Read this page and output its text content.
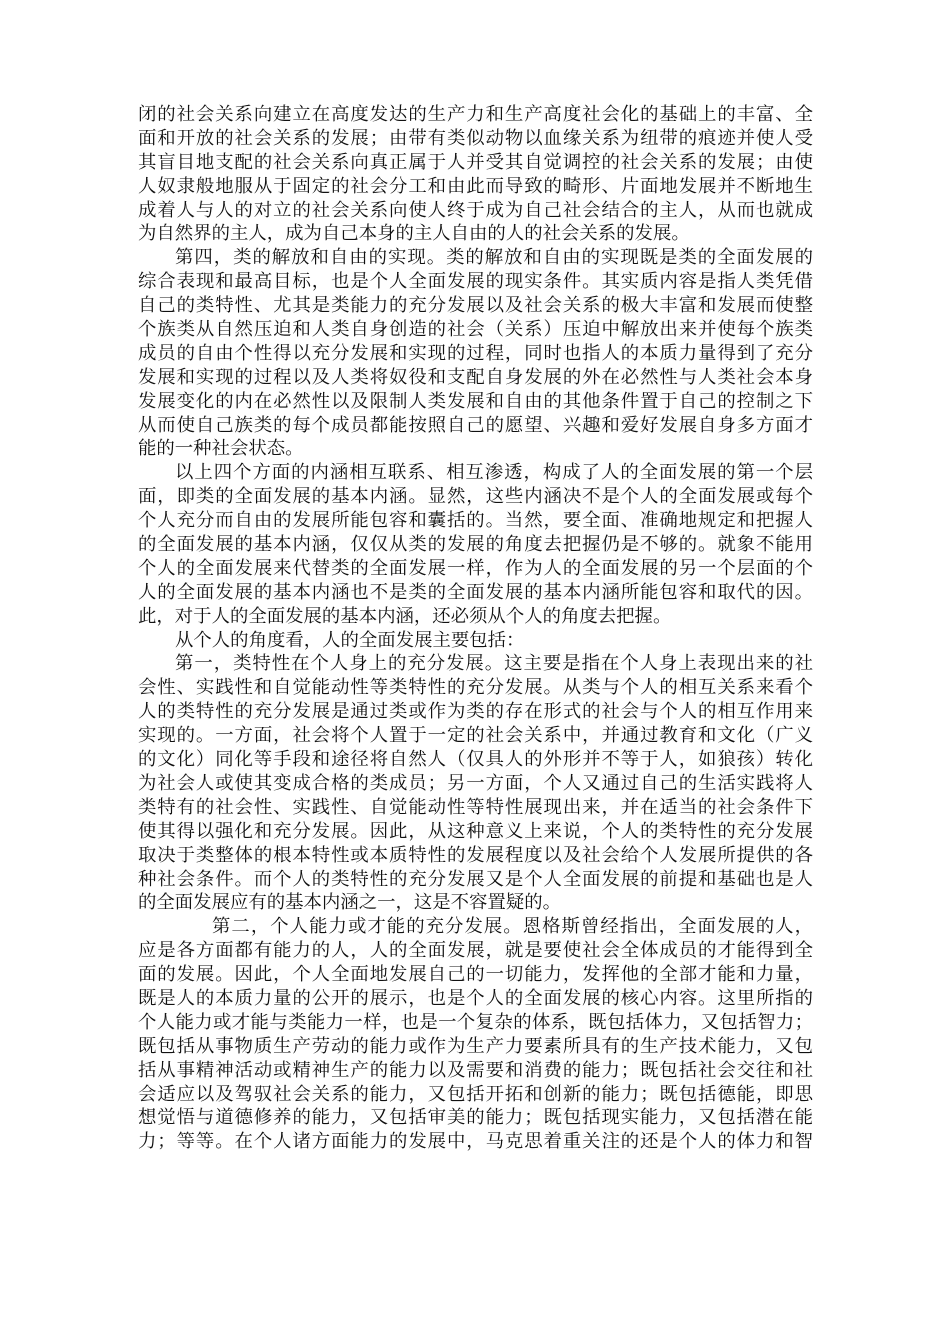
闭的社会关系向建立在高度发达的生产力和生产高度社会化的基础上的丰富、全
面和开放的社会关系的发展；由带有类似动物以血缘关系为纽带的痕迹并使人受
其盲目地支配的社会关系向真正属于人并受其自觉调控的社会关系的发展；由使
人奴隶般地服从于固定的社会分工和由此而导致的畸形、片面地发展并不断地生
成着人与人的对立的社会关系向使人终于成为自己社会结合的主人，从而也就成
为自然界的主人，成为自己本身的主人自由的人的社会关系的发展。
第四，类的解放和自由的实现。类的解放和自由的实现既是类的全面发展的
综合表现和最高目标，也是个人全面发展的现实条件。其实质内容是指人类凭借
自己的类特性、尤其是类能力的充分发展以及社会关系的极大丰富和发展而使整
个族类从自然压迫和人类自身创造的社会（关系）压迫中解放出来并使每个族类
成员的自由个性得以充分发展和实现的过程，同时也指人的本质力量得到了充分
发展和实现的过程以及人类将奴役和支配自身发展的外在必然性与人类社会本身
发展变化的内在必然性以及限制人类发展和自由的其他条件置于自己的控制之下
从而使自己族类的每个成员都能按照自己的愿望、兴趣和爱好发展自身多方面才
能的一种社会状态。
以上四个方面的内涵相互联系、相互渗透，构成了人的全面发展的第一个层
面，即类的全面发展的基本内涵。显然，这些内涵决不是个人的全面发展或每个
个人充分而自由的发展所能包容和囊括的。当然，要全面、准确地规定和把握人
的全面发展的基本内涵，仅仅从类的发展的角度去把握仍是不够的。就象不能用
个人的全面发展来代替类的全面发展一样，作为人的全面发展的另一个层面的个
人的全面发展的基本内涵也不是类的全面发展的基本内涵所能包容和取代的因。
此，对于人的全面发展的基本内涵，还必须从个人的角度去把握。
从个人的角度看，人的全面发展主要包括：
第一，类特性在个人身上的充分发展。这主要是指在个人身上表现出来的社
会性、实践性和自觉能动性等类特性的充分发展。从类与个人的相互关系来看个
人的类特性的充分发展是通过类或作为类的存在形式的社会与个人的相互作用来
实现的。一方面，社会将个人置于一定的社会关系中，并通过教育和文化（广义
的文化）同化等手段和途径将自然人（仅具人的外形并不等于人，如狼孩）转化
为社会人或使其变成合格的类成员；另一方面，个人又通过自己的生活实践将人
类特有的社会性、实践性、自觉能动性等特性展现出来，并在适当的社会条件下
使其得以强化和充分发展。因此，从这种意义上来说，个人的类特性的充分发展
取决于类整体的根本特性或本质特性的发展程度以及社会给个人发展所提供的各
种社会条件。而个人的类特性的充分发展又是个人全面发展的前提和基础也是人
的全面发展应有的基本内涵之一，这是不容置疑的。
第二，个人能力或才能的充分发展。恩格斯曾经指出，全面发展的人，
应是各方面都有能力的人，人的全面发展，就是要使社会全体成员的才能得到全
面的发展。因此，个人全面地发展自己的一切能力，发挥他的全部才能和力量，
既是人的本质力量的公开的展示，也是个人的全面发展的核心内容。这里所指的
个人能力或才能与类能力一样，也是一个复杂的体系，既包括体力，又包括智力；
既包括从事物质生产劳动的能力或作为生产力要素所具有的生产技术能力，又包
括从事精神活动或精神生产的能力以及需要和消费的能力；既包括社会交往和社
会适应以及驾驭社会关系的能力，又包括开拓和创新的能力；既包括德能，即思
想觉悟与道德修养的能力，又包括审美的能力；既包括现实能力，又包括潜在能
力；等等。在个人诸方面能力的发展中，马克思着重关注的还是个人的体力和智
